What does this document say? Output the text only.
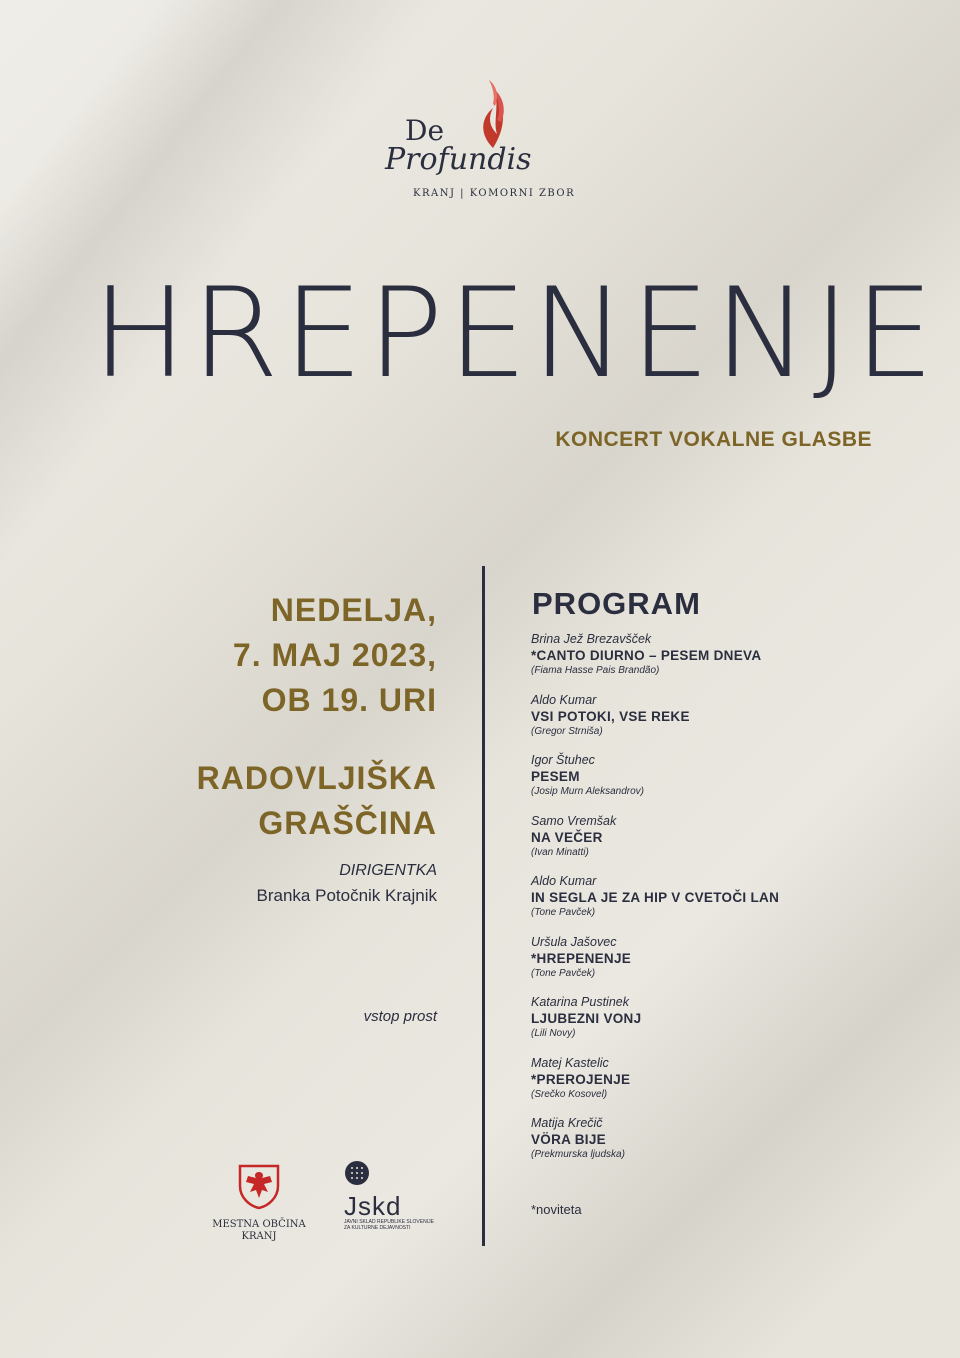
De
Profundis
KRANJ | KOMORNI ZBOR
HREPENENJE
KONCERT VOKALNE GLASBE
NEDELJA,
7. MAJ 2023,
OB 19. URI
RADOVLJIŠKA
GRAŠČINA
DIRIGENTKA
Branka Potočnik Krajnik
vstop prost
PROGRAM
Brina Jež Brezavšček
*CANTO DIURNO – PESEM DNEVA
(Fiama Hasse Pais Brandão)
Aldo Kumar
VSI POTOKI, VSE REKE
(Gregor Strniša)
Igor Štuhec
PESEM
(Josip Murn Aleksandrov)
Samo Vremšak
NA VEČER
(Ivan Minatti)
Aldo Kumar
IN SEGLA JE ZA HIP V CVETOČI LAN
(Tone Pavček)
Uršula Jašovec
*HREPENENJE
(Tone Pavček)
Katarina Pustinek
LJUBEZNI VONJ
(Lili Novy)
Matej Kastelic
*PREROJENJE
(Srečko Kosovel)
Matija Krečič
VÖRA BIJE
(Prekmurska ljudska)
*noviteta
MESTNA OBČINA
KRANJ
Jskd
JAVNI SKLAD REPUBLIKE SLOVENIJE
ZA KULTURNE DEJAVNOSTI
